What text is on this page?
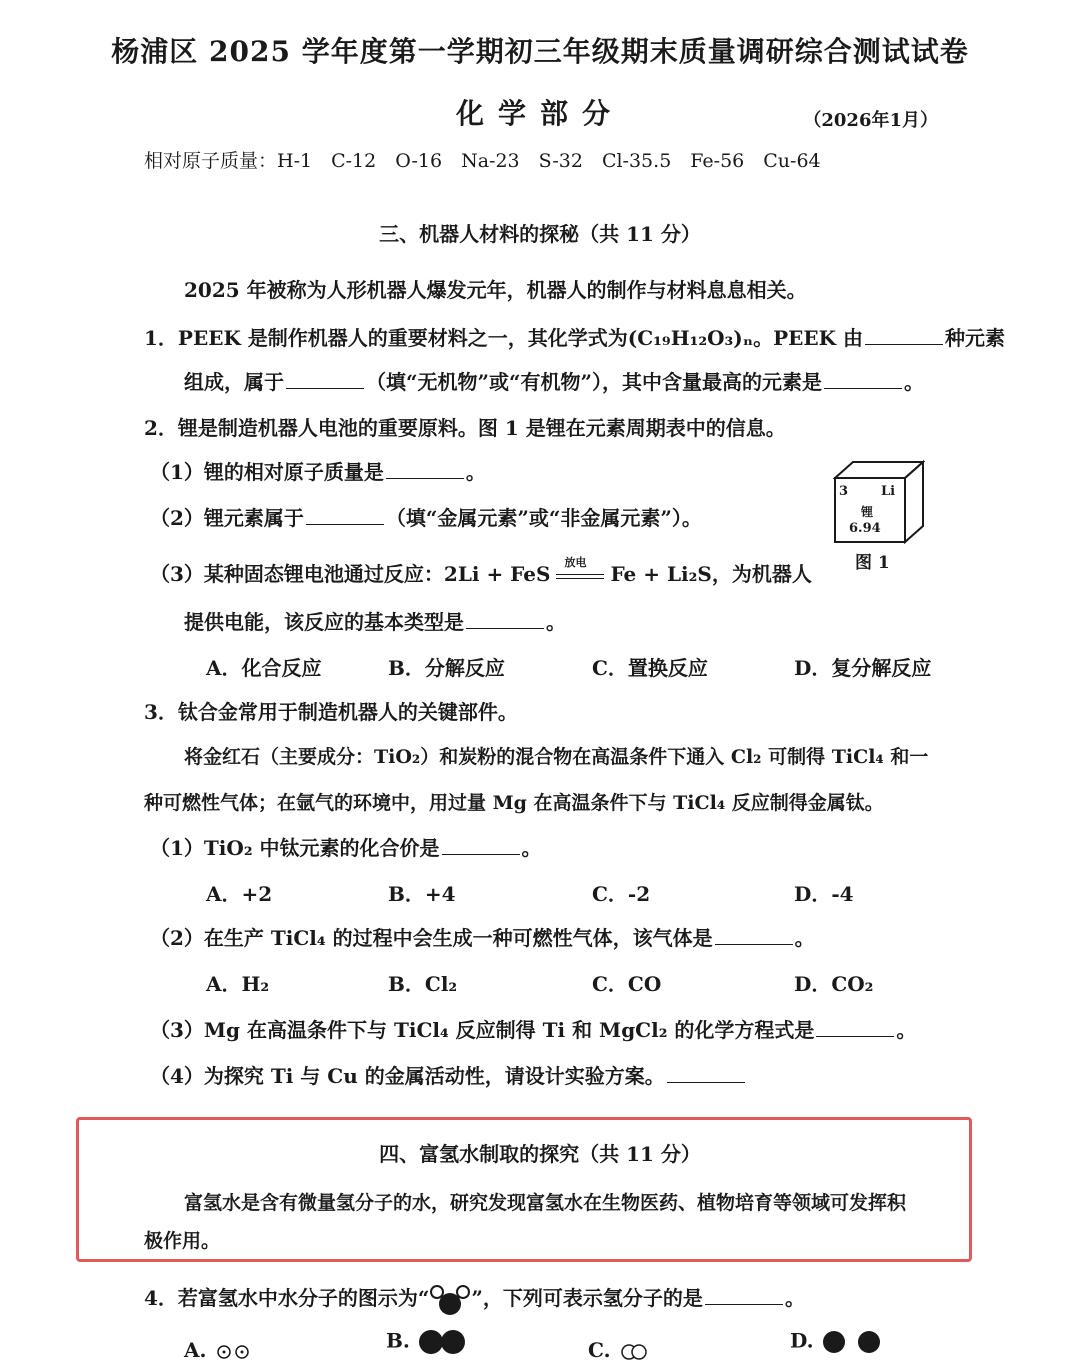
杨浦区 2025 学年度第一学期初三年级期末质量调研综合测试试卷
化学部分	（2026年1月）
相对原子质量：H-1　C-12　O-16　Na-23　S-32　Cl-35.5　Fe-56　Cu-64
三、机器人材料的探秘（共 11 分）
2025 年被称为人形机器人爆发元年，机器人的制作与材料息息相关。
1．PEEK 是制作机器人的重要材料之一，其化学式为(C₁₉H₁₂O₃)ₙ。PEEK 由	种元素
组成，属于	（填“无机物”或“有机物”），其中含量最高的元素是	。
2．锂是制造机器人电池的重要原料。图 1 是锂在元素周期表中的信息。
（1）锂的相对原子质量是	。
（2）锂元素属于	（填“金属元素”或“非金属元素”）。
（3）某种固态锂电池通过反应：2Li + FeS 放电 Fe + Li₂S，为机器人
提供电能，该反应的基本类型是	。
A．化合反应	B．分解反应	C．置换反应	D．复分解反应
3	Li
锂
6.94
图 1
3．钛合金常用于制造机器人的关键部件。
将金红石（主要成分：TiO₂）和炭粉的混合物在高温条件下通入 Cl₂ 可制得 TiCl₄ 和一
种可燃性气体；在氩气的环境中，用过量 Mg 在高温条件下与 TiCl₄ 反应制得金属钛。
（1）TiO₂ 中钛元素的化合价是	。
A．+2	B．+4	C．-2	D．-4
（2）在生产 TiCl₄ 的过程中会生成一种可燃性气体，该气体是	。
A．H₂	B．Cl₂	C．CO	D．CO₂
（3）Mg 在高温条件下与 TiCl₄ 反应制得 Ti 和 MgCl₂ 的化学方程式是	。
（4）为探究 Ti 与 Cu 的金属活动性，请设计实验方案。
四、富氢水制取的探究（共 11 分）
富氢水是含有微量氢分子的水，研究发现富氢水在生物医药、植物培育等领域可发挥积
极作用。
4．若富氢水中水分子的图示为“ ”，下列可表示氢分子的是	。
A.	B.	C.	D.
